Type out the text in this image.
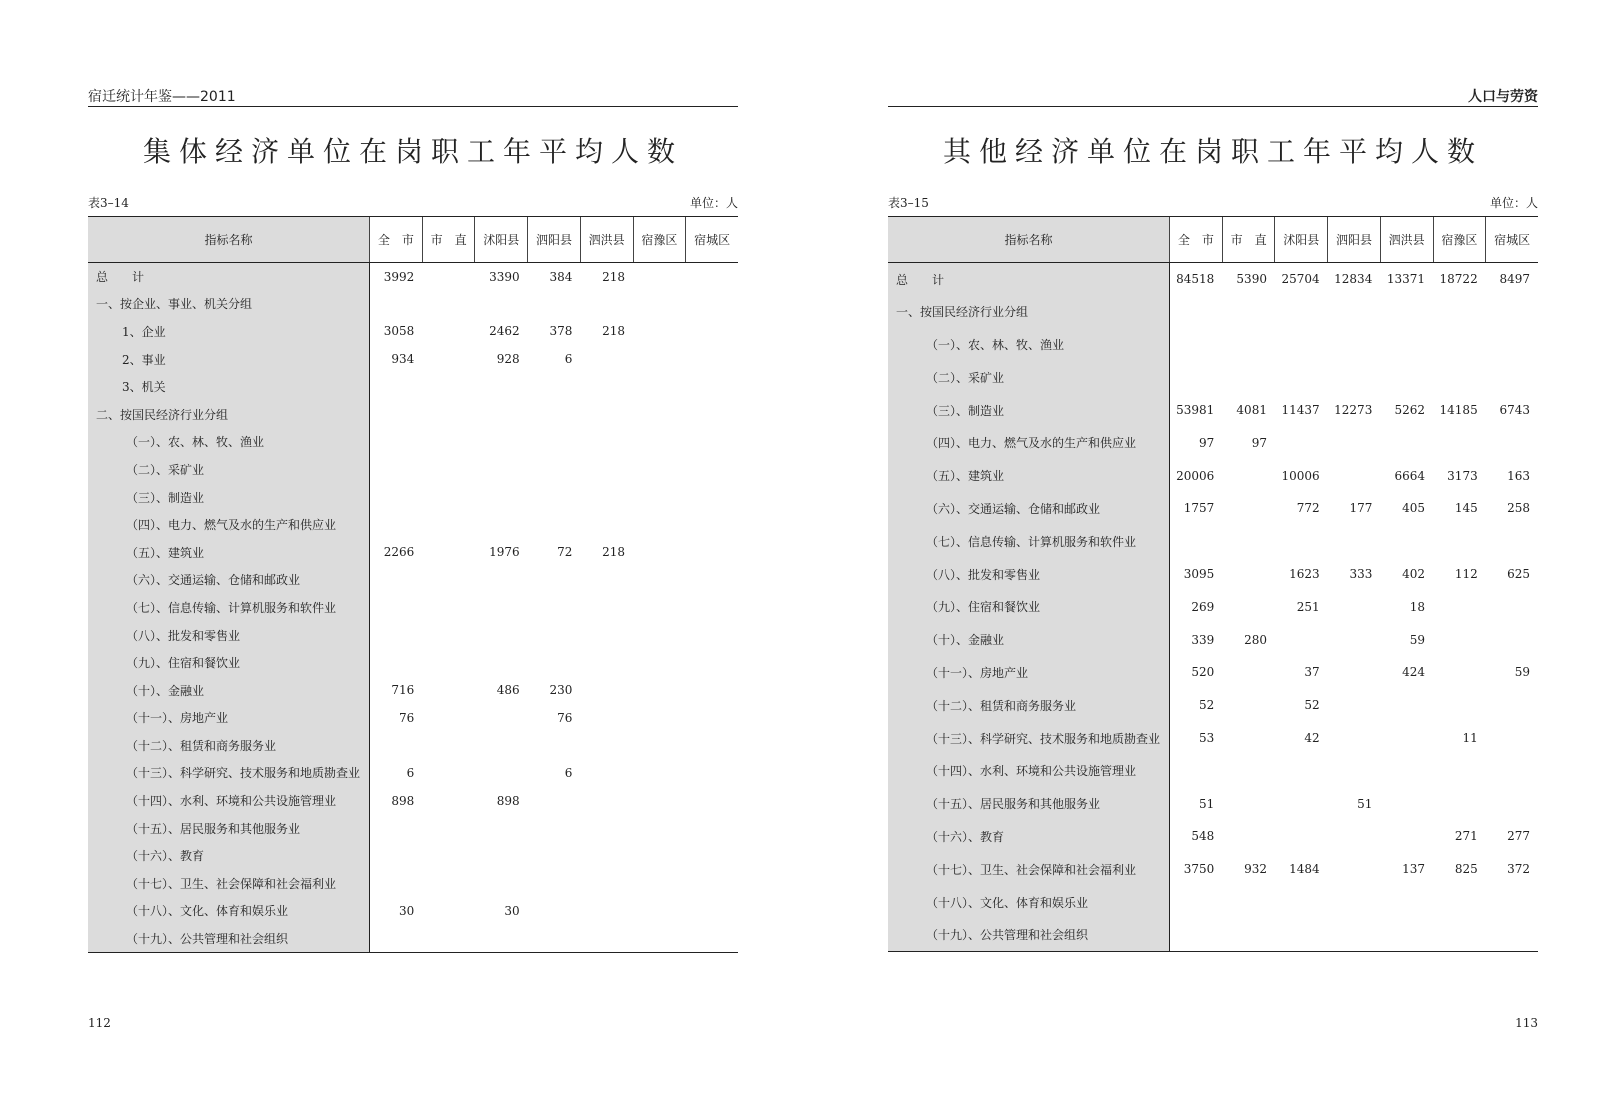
宿迁统计年鉴——2011
集体经济单位在岗职工年平均人数
表3–14	单位：人
指标名称	全　市	市　直	沭阳县	泗阳县	泗洪县	宿豫区	宿城区
总　　计	3992		3390	384	218		
一、按企业、事业、机关分组							
1、企业	3058		2462	378	218		
2、事业	934		928	6			
3、机关							
二、按国民经济行业分组							
（一）、农、林、牧、渔业							
（二）、采矿业							
（三）、制造业							
（四）、电力、燃气及水的生产和供应业							
（五）、建筑业	2266		1976	72	218		
（六）、交通运输、仓储和邮政业							
（七）、信息传输、计算机服务和软件业							
（八）、批发和零售业							
（九）、住宿和餐饮业							
（十）、金融业	716		486	230			
（十一）、房地产业	76			76			
（十二）、租赁和商务服务业							
（十三）、科学研究、技术服务和地质勘查业	6			6			
（十四）、水利、环境和公共设施管理业	898		898				
（十五）、居民服务和其他服务业							
（十六）、教育							
（十七）、卫生、社会保障和社会福利业							
（十八）、文化、体育和娱乐业	30		30				
（十九）、公共管理和社会组织							
112
人口与劳资
其他经济单位在岗职工年平均人数
表3–15	单位：人
指标名称	全　市	市　直	沭阳县	泗阳县	泗洪县	宿豫区	宿城区
总　　计	84518	5390	25704	12834	13371	18722	8497
一、按国民经济行业分组							
（一）、农、林、牧、渔业							
（二）、采矿业							
（三）、制造业	53981	4081	11437	12273	5262	14185	6743
（四）、电力、燃气及水的生产和供应业	97	97					
（五）、建筑业	20006		10006		6664	3173	163
（六）、交通运输、仓储和邮政业	1757		772	177	405	145	258
（七）、信息传输、计算机服务和软件业							
（八）、批发和零售业	3095		1623	333	402	112	625
（九）、住宿和餐饮业	269		251		18		
（十）、金融业	339	280			59		
（十一）、房地产业	520		37		424		59
（十二）、租赁和商务服务业	52		52				
（十三）、科学研究、技术服务和地质勘查业	53		42			11	
（十四）、水利、环境和公共设施管理业							
（十五）、居民服务和其他服务业	51			51			
（十六）、教育	548					271	277
（十七）、卫生、社会保障和社会福利业	3750	932	1484		137	825	372
（十八）、文化、体育和娱乐业							
（十九）、公共管理和社会组织							
113
